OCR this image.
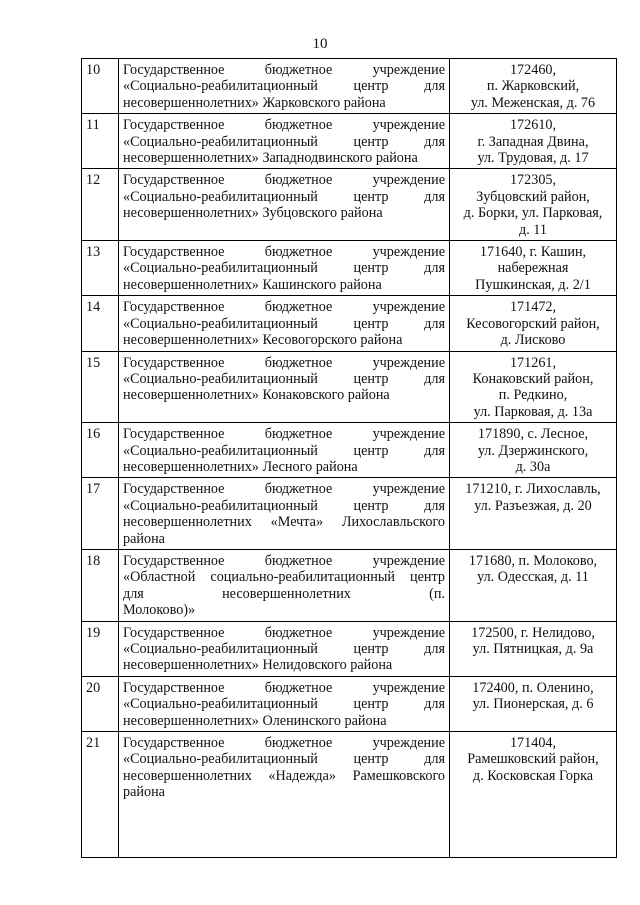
10
10	Государственное бюджетное учреждение
«Социально-реабилитационный центр для
несовершеннолетних» Жарковского района	172460,
п. Жарковский,
ул. Меженская, д. 76

11	Государственное бюджетное учреждение
«Социально-реабилитационный центр для
несовершеннолетних» Западнодвинского района	172610,
г. Западная Двина,
ул. Трудовая, д. 17

12	Государственное бюджетное учреждение
«Социально-реабилитационный центр для
несовершеннолетних» Зубцовского района	172305,
Зубцовский район,
д. Борки, ул. Парковая,
д. 11

13	Государственное бюджетное учреждение
«Социально-реабилитационный центр для
несовершеннолетних» Кашинского района	171640, г. Кашин,
набережная
Пушкинская, д. 2/1

14	Государственное бюджетное учреждение
«Социально-реабилитационный центр для
несовершеннолетних» Кесовогорского района	171472,
Кесовогорский район,
д. Лисково

15	Государственное бюджетное учреждение
«Социально-реабилитационный центр для
несовершеннолетних» Конаковского района	171261,
Конаковский район,
п. Редкино,
ул. Парковая, д. 13а

16	Государственное бюджетное учреждение
«Социально-реабилитационный центр для
несовершеннолетних» Лесного района	171890, с. Лесное,
ул. Дзержинского,
д. 30а

17	Государственное бюджетное учреждение
«Социально-реабилитационный центр для
несовершеннолетних «Мечта» Лихославльского
района	171210, г. Лихославль,
ул. Разъезжая, д. 20

18	Государственное бюджетное учреждение
«Областной социально-реабилитационный центр
для несовершеннолетних (п.
Молоково)»	171680, п. Молоково,
ул. Одесская, д. 11

19	Государственное бюджетное учреждение
«Социально-реабилитационный центр для
несовершеннолетних» Нелидовского района	172500, г. Нелидово,
ул. Пятницкая, д. 9а

20	Государственное бюджетное учреждение
«Социально-реабилитационный центр для
несовершеннолетних» Оленинского района	172400, п. Оленино,
ул. Пионерская, д. 6

21	Государственное бюджетное учреждение
«Социально-реабилитационный центр для
несовершеннолетних «Надежда» Рамешковского
района	171404,
Рамешковский район,
д. Косковская Горка
